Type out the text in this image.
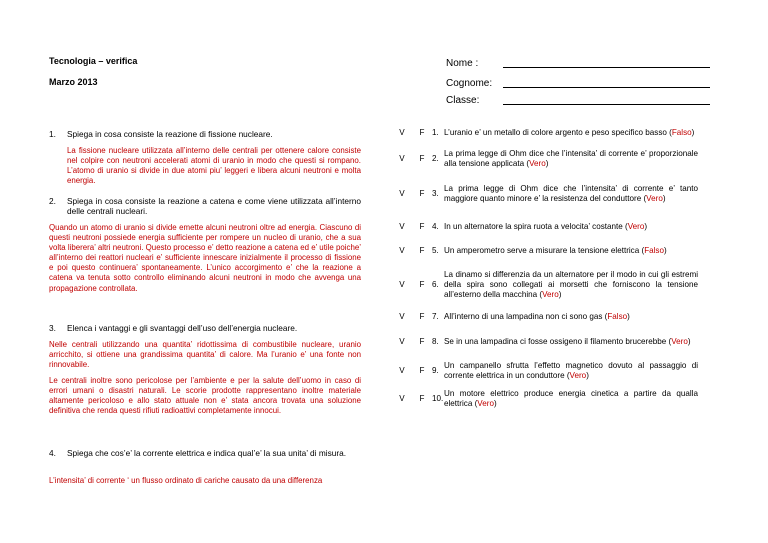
Tecnologia – verifica
Marzo 2013
Nome :
Cognome:
Classe:
1. Spiega in cosa consiste la reazione di fissione nucleare.
La fissione nucleare utilizzata all’interno delle centrali per ottenere calore consiste nel colpire con neutroni accelerati atomi di uranio in modo che questi si rompano. L’atomo di uranio si divide in due atomi piu’ leggeri e libera alcuni neutroni e molta energia.
2. Spiega in cosa consiste la reazione a catena e come viene utilizzata all’interno delle centrali nucleari.
Quando un atomo di uranio si divide emette alcuni neutroni oltre ad energia. Ciascuno di questi neutroni possiede energia sufficiente per rompere un nucleo di uranio, che a sua volta liberera’ altri neutroni. Questo processo e’ detto reazione a catena ed e’ utile poiche’ all’interno dei reattori nucleari e’ sufficiente innescare inizialmente il processo di fissione e poi questo continuera’ spontaneamente. L’unico accorgimento e’ che la reazione a catena va tenuta sotto controllo eliminando alcuni neutroni in modo che avvenga una propagazione controllata.
3. Elenca i vantaggi e gli svantaggi dell’uso dell’energia nucleare.
Nelle centrali utilizzando una quantita’ ridottissima di combustibile nucleare, uranio arricchito, si ottiene una grandissima quantita’ di calore. Ma l’uranio e’ una fonte non rinnovabile.
Le centrali inoltre sono pericolose per l’ambiente e per la salute dell’uomo in caso di errori umani o disastri naturali. Le scorie prodotte rappresentano inoltre materiale altamente pericoloso e allo stato attuale non e’ stata ancora trovata una soluzione definitiva che renda questi rifiuti radioattivi completamente innocui.
4. Spiega che cos’e’ la corrente elettrica e indica qual’e’ la sua unita’ di misura.
L’intensita’ di corrente ‘ un flusso ordinato di cariche causato da una differenza
V	F	1.	L’uranio e’ un metallo di colore argento e peso specifico basso (Falso)
V	F	2.	La prima legge di Ohm dice che l’intensita’ di corrente e’ proporzionale alla tensione applicata (Vero)
V	F	3.	La prima legge di Ohm dice che l’intensita’ di corrente e’ tanto maggiore quanto minore e’ la resistenza del conduttore (Vero)
V	F	4.	In un alternatore la spira ruota a velocita’ costante (Vero)
V	F	5.	Un amperometro serve a misurare la tensione elettrica (Falso)
V	F	6.	La dinamo si differenzia da un alternatore per il modo in cui gli estremi della spira sono collegati ai morsetti che forniscono la tensione all’esterno della macchina (Vero)
V	F	7.	All’interno di una lampadina non ci sono gas (Falso)
V	F	8.	Se in una lampadina ci fosse ossigeno il filamento brucerebbe (Vero)
V	F	9.	Un campanello sfrutta l’effetto magnetico dovuto al passaggio di corrente elettrica in un conduttore (Vero)
V	F	10.	Un motore elettrico produce energia cinetica a partire da qualla elettrica (Vero)
